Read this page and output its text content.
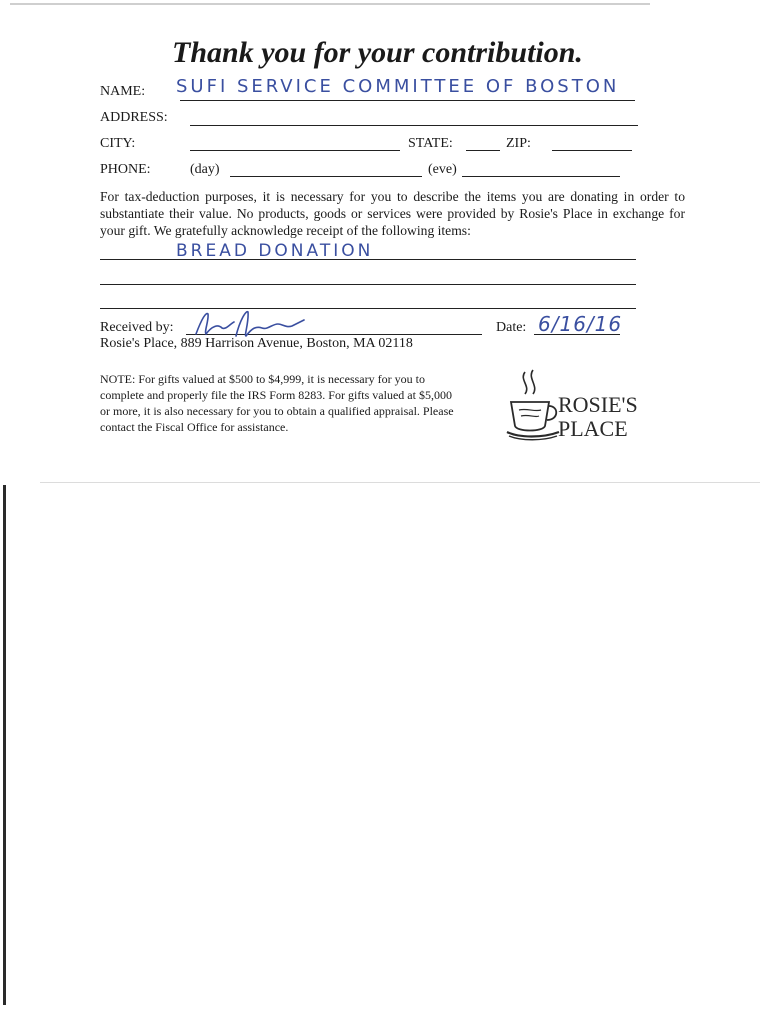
Thank you for your contribution.
NAME: SUFI SERVICE COMMITTEE OF BOSTON
ADDRESS:
CITY:	STATE:	ZIP:
PHONE:	(day)	(eve)
For tax-deduction purposes, it is necessary for you to describe the items you are donating in order to substantiate their value. No products, goods or services were provided by Rosie's Place in exchange for your gift. We gratefully acknowledge receipt of the following items:
BREAD DONATION
Received by:	Date: 6/16/16
Rosie's Place, 889 Harrison Avenue, Boston, MA 02118
NOTE: For gifts valued at $500 to $4,999, it is necessary for you to complete and properly file the IRS Form 8283. For gifts valued at $5,000 or more, it is also necessary for you to obtain a qualified appraisal. Please contact the Fiscal Office for assistance.
ROSIE'S
PLACE
